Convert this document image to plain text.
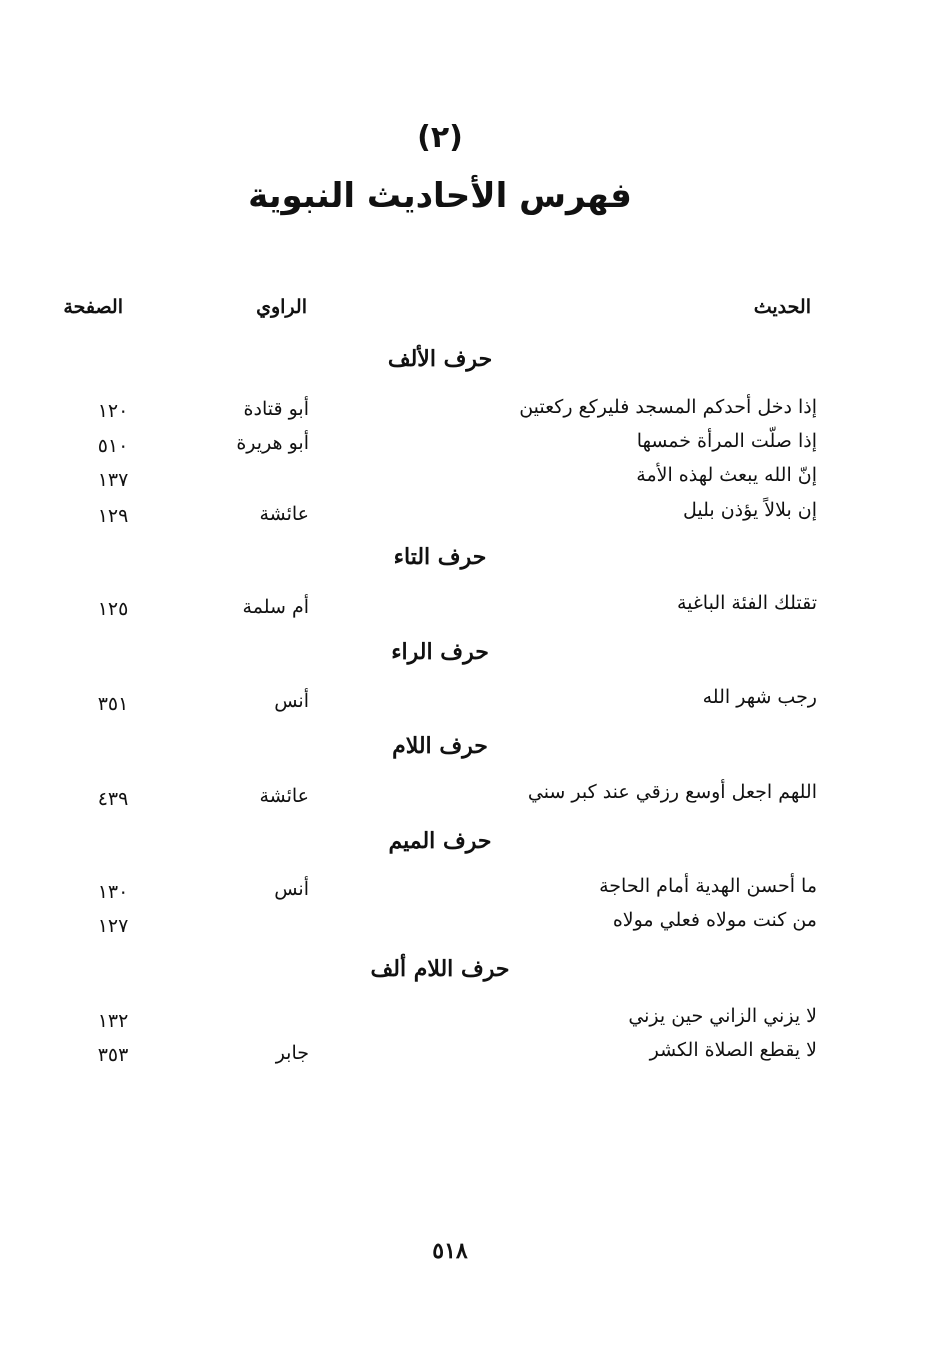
(٢)
فهرس الأحاديث النبوية
الحديث
الراوي
الصفحة
حرف الألف
إذا دخل أحدكم المسجد فليركع ركعتين
أبو قتادة
١٢٠
إذا صلّت المرأة خمسها
أبو هريرة
٥١٠
إنّ الله يبعث لهذه الأمة
١٣٧
إن بلالاً يؤذن بليل
عائشة
١٢٩
حرف التاء
تقتلك الفئة الباغية
أم سلمة
١٢٥
حرف الراء
رجب شهر الله
أنس
٣٥١
حرف اللام
اللهم اجعل أوسع رزقي عند كبر سني
عائشة
٤٣٩
حرف الميم
ما أحسن الهدية أمام الحاجة
أنس
١٣٠
من كنت مولاه فعلي مولاه
١٢٧
حرف اللام ألف
لا يزني الزاني حين يزني
١٣٢
لا يقطع الصلاة الكشر
جابر
٣٥٣
٥١٨
